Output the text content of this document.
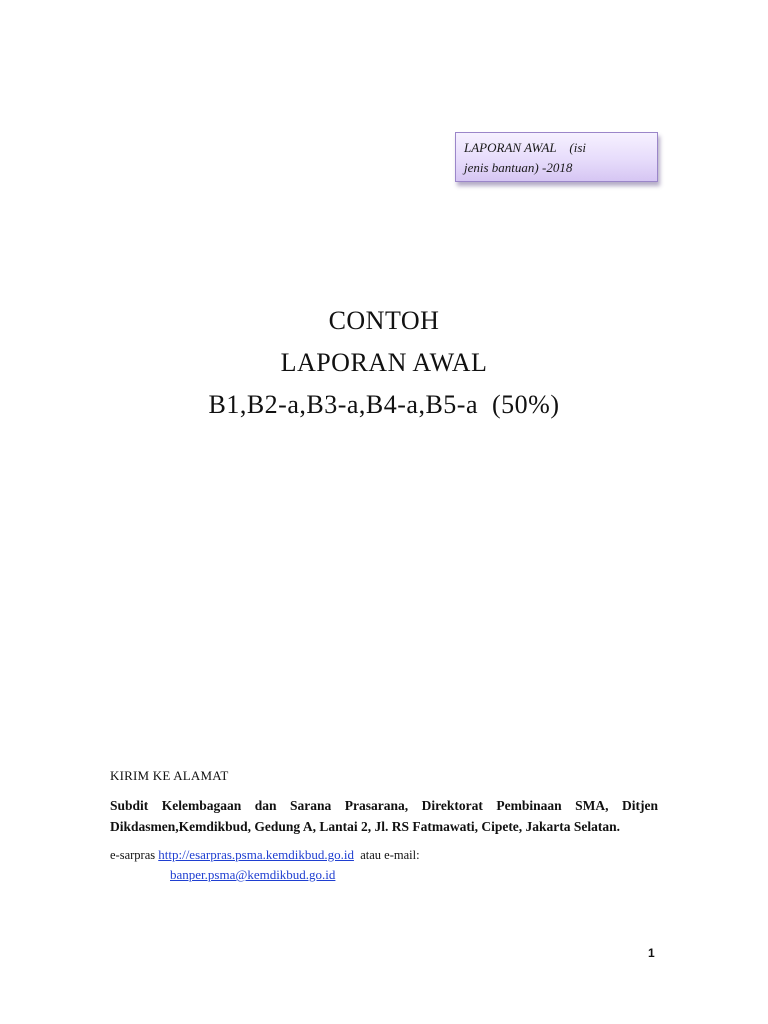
LAPORAN AWAL    (isi
jenis bantuan) -2018
CONTOH
LAPORAN AWAL
B1,B2-a,B3-a,B4-a,B5-a  (50%)
KIRIM KE ALAMAT

Subdit Kelembagaan dan Sarana Prasarana, Direktorat Pembinaan SMA, Ditjen Dikdasmen,Kemdikbud, Gedung A, Lantai 2, Jl. RS Fatmawati, Cipete, Jakarta Selatan.

e-sarpras http://esarpras.psma.kemdikbud.go.id atau e-mail:
banper.psma@kemdikbud.go.id
1
